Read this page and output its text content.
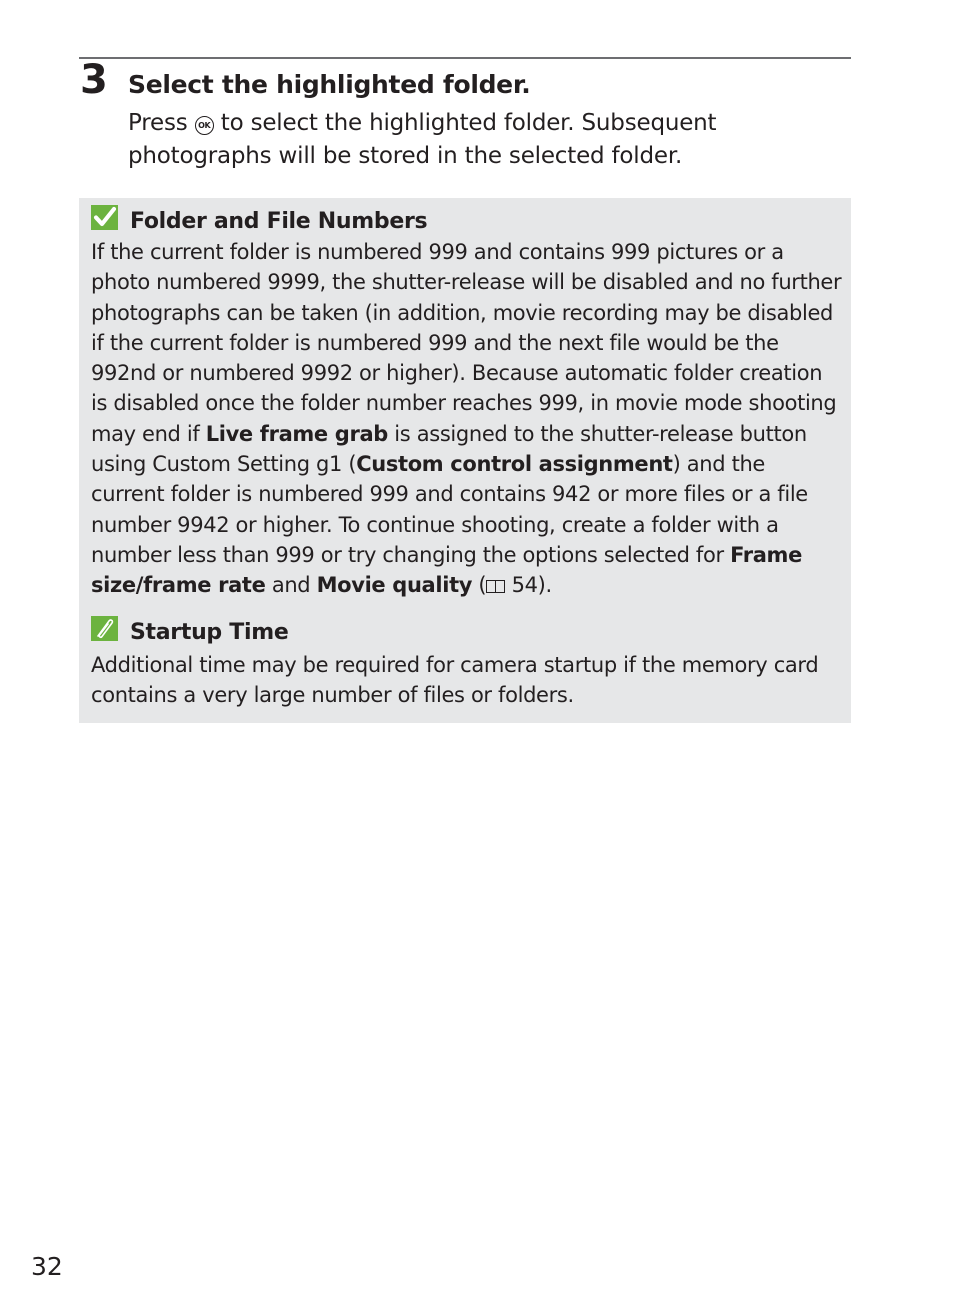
3 Select the highlighted folder.
Press OK to select the highlighted folder. Subsequent photographs will be stored in the selected folder.
Folder and File Numbers
If the current folder is numbered 999 and contains 999 pictures or a photo numbered 9999, the shutter-release will be disabled and no further photographs can be taken (in addition, movie recording may be disabled if the current folder is numbered 999 and the next file would be the 992nd or numbered 9992 or higher). Because automatic folder creation is disabled once the folder number reaches 999, in movie mode shooting may end if Live frame grab is assigned to the shutter-release button using Custom Setting g1 (Custom control assignment) and the current folder is numbered 999 and contains 942 or more files or a file number 9942 or higher. To continue shooting, create a folder with a number less than 999 or try changing the options selected for Frame size/frame rate and Movie quality ( 54).
Startup Time
Additional time may be required for camera startup if the memory card contains a very large number of files or folders.
32
